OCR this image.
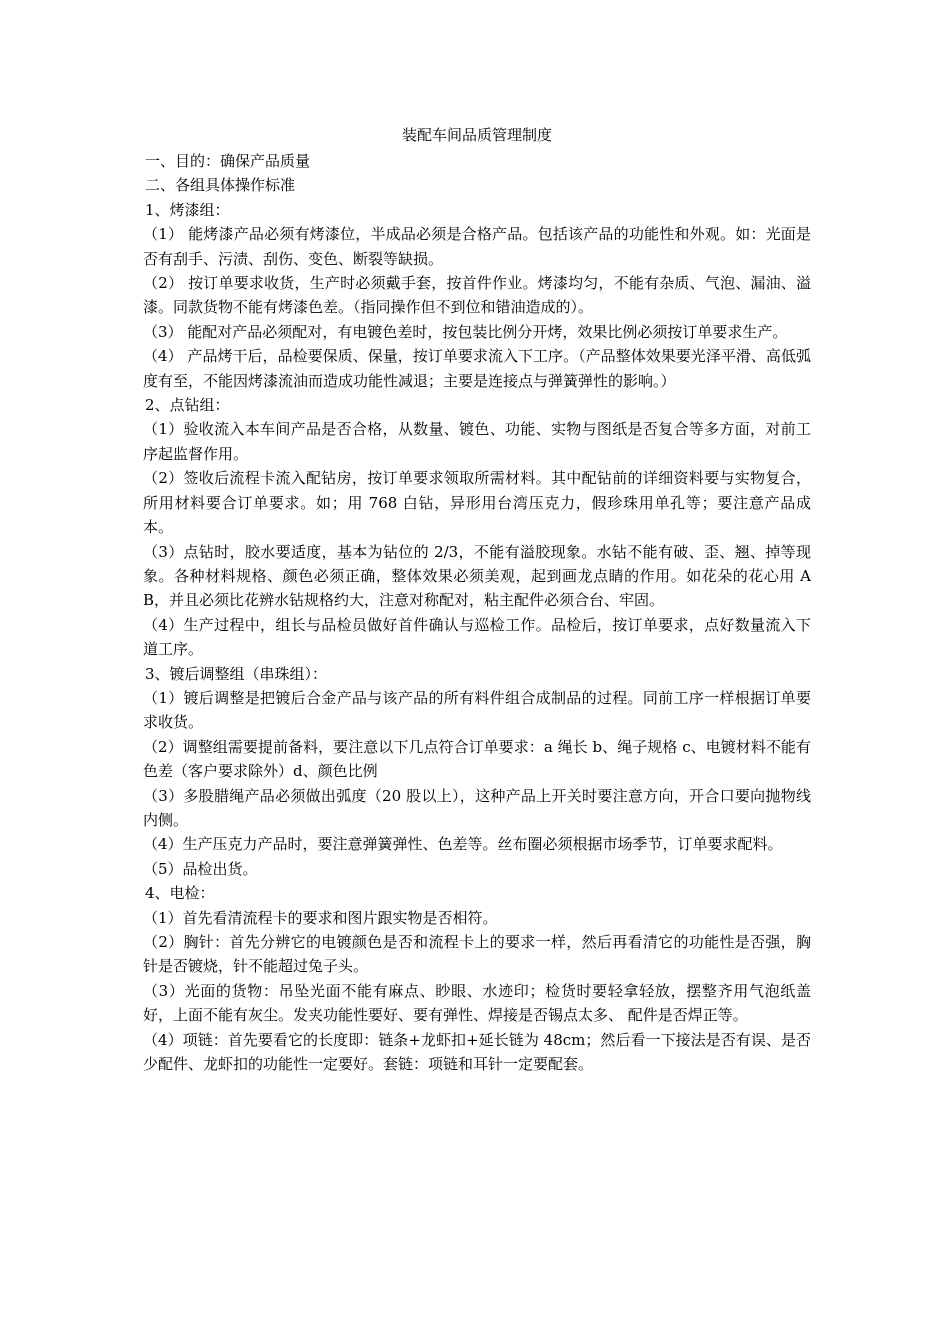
装配车间品质管理制度
一、目的：确保产品质量
二、各组具体操作标准
1、烤漆组：
（1） 能烤漆产品必须有烤漆位，半成品必须是合格产品。包括该产品的功能性和外观。如：光面是否有刮手、污渍、刮伤、变色、断裂等缺损。
（2） 按订单要求收货，生产时必须戴手套，按首件作业。烤漆均匀，不能有杂质、气泡、漏油、溢漆。同款货物不能有烤漆色差。（指同操作但不到位和错油造成的）。
（3） 能配对产品必须配对，有电镀色差时，按包装比例分开烤，效果比例必须按订单要求生产。
（4） 产品烤干后，品检要保质、保量，按订单要求流入下工序。（产品整体效果要光泽平滑、高低弧度有至，不能因烤漆流油而造成功能性减退；主要是连接点与弹簧弹性的影响。）
2、点钻组：
（1）验收流入本车间产品是否合格，从数量、镀色、功能、实物与图纸是否复合等多方面，对前工序起监督作用。
（2）签收后流程卡流入配钻房，按订单要求领取所需材料。其中配钻前的详细资料要与实物复合，所用材料要合订单要求。如；用 768 白钻，异形用台湾压克力，假珍珠用单孔等；要注意产品成本。
（3）点钻时，胶水要适度，基本为钻位的 2/3，不能有溢胶现象。水钻不能有破、歪、翘、掉等现象。各种材料规格、颜色必须正确，整体效果必须美观，起到画龙点睛的作用。如花朵的花心用 AB，并且必须比花辨水钻规格约大，注意对称配对，粘主配件必须合台、牢固。
（4）生产过程中，组长与品检员做好首件确认与巡检工作。品检后，按订单要求，点好数量流入下道工序。
3、镀后调整组（串珠组）：
（1）镀后调整是把镀后合金产品与该产品的所有料件组合成制品的过程。同前工序一样根据订单要求收货。
（2）调整组需要提前备料，要注意以下几点符合订单要求：a 绳长 b、绳子规格 c、电镀材料不能有色差（客户要求除外）d、颜色比例
（3）多股腊绳产品必须做出弧度（20 股以上），这种产品上开关时要注意方向，开合口要向抛物线内侧。
（4）生产压克力产品时，要注意弹簧弹性、色差等。丝布圈必须根据市场季节，订单要求配料。
（5）品检出货。
4、电检：
（1）首先看清流程卡的要求和图片跟实物是否相符。
（2）胸针：首先分辨它的电镀颜色是否和流程卡上的要求一样，然后再看清它的功能性是否强，胸针是否镀烧，针不能超过兔子头。
（3）光面的货物：吊坠光面不能有麻点、眇眼、水迹印；检货时要轻拿轻放，摆整齐用气泡纸盖好，上面不能有灰尘。发夹功能性要好、要有弹性、焊接是否锡点太多、 配件是否焊正等。
（4）项链：首先要看它的长度即：链条+龙虾扣+延长链为 48cm；然后看一下接法是否有误、是否少配件、龙虾扣的功能性一定要好。套链：项链和耳针一定要配套。
